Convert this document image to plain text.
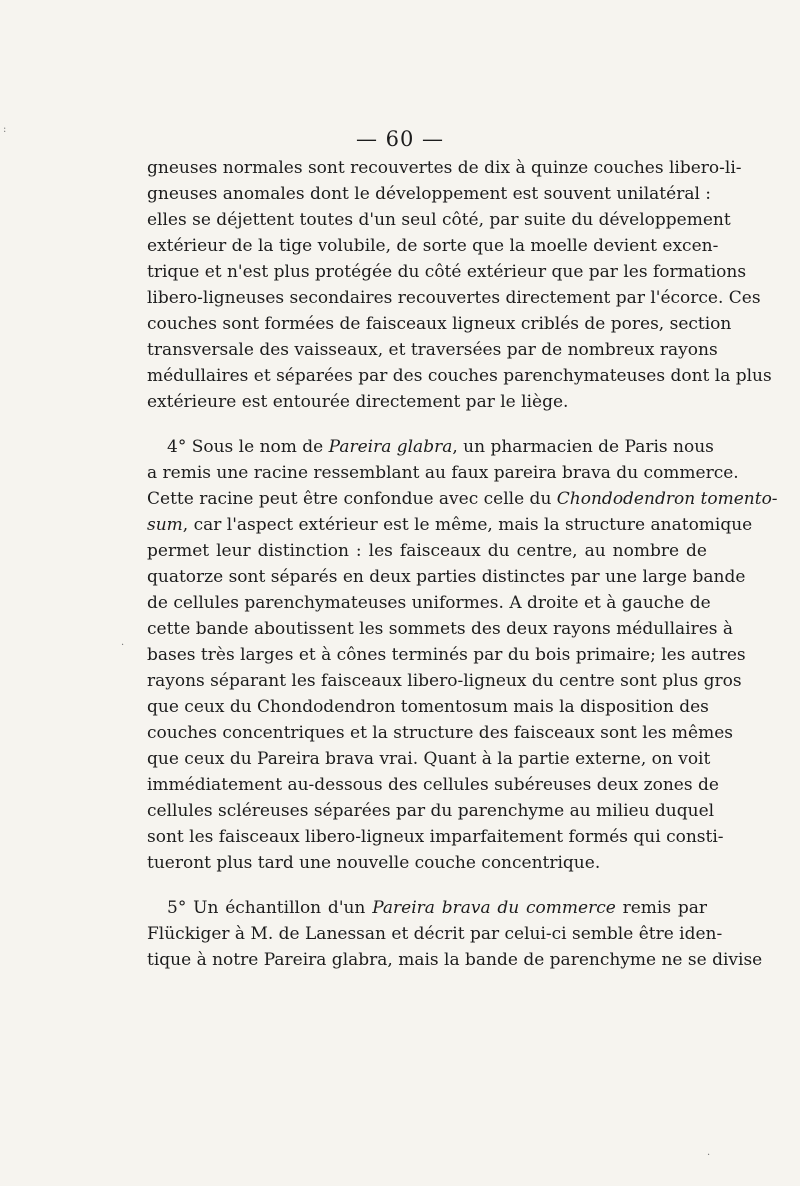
— 60 —
gneuses normales sont recouvertes de dix à quinze couches libero-li-
gneuses anomales dont le développement est souvent unilatéral :
elles se déjettent toutes d'un seul côté, par suite du développement
extérieur de la tige volubile, de sorte que la moelle devient excen-
trique et n'est plus protégée du côté extérieur que par les formations
libero-ligneuses secondaires recouvertes directement par l'écorce. Ces
couches sont formées de faisceaux ligneux criblés de pores, section
transversale des vaisseaux, et traversées par de nombreux rayons
médullaires et séparées par des couches parenchymateuses dont la plus
extérieure est entourée directement par le liège.
4° Sous le nom de Pareira glabra, un pharmacien de Paris nous
a remis une racine ressemblant au faux pareira brava du commerce.
Cette racine peut être confondue avec celle du Chondodendron tomento-
sum, car l'aspect extérieur est le même, mais la structure anatomique
permet leur distinction : les faisceaux du centre, au nombre de
quatorze sont séparés en deux parties distinctes par une large bande
de cellules parenchymateuses uniformes. A droite et à gauche de
cette bande aboutissent les sommets des deux rayons médullaires à
bases très larges et à cônes terminés par du bois primaire; les autres
rayons séparant les faisceaux libero-ligneux du centre sont plus gros
que ceux du Chondodendron tomentosum mais la disposition des
couches concentriques et la structure des faisceaux sont les mêmes
que ceux du Pareira brava vrai. Quant à la partie externe, on voit
immédiatement au-dessous des cellules subéreuses deux zones de
cellules scléreuses séparées par du parenchyme au milieu duquel
sont les faisceaux libero-ligneux imparfaitement formés qui consti-
tueront plus tard une nouvelle couche concentrique.
5° Un échantillon d'un Pareira brava du commerce remis par
Flückiger à M. de Lanessan et décrit par celui-ci semble être iden-
tique à notre Pareira glabra, mais la bande de parenchyme ne se divise
:
·
·
